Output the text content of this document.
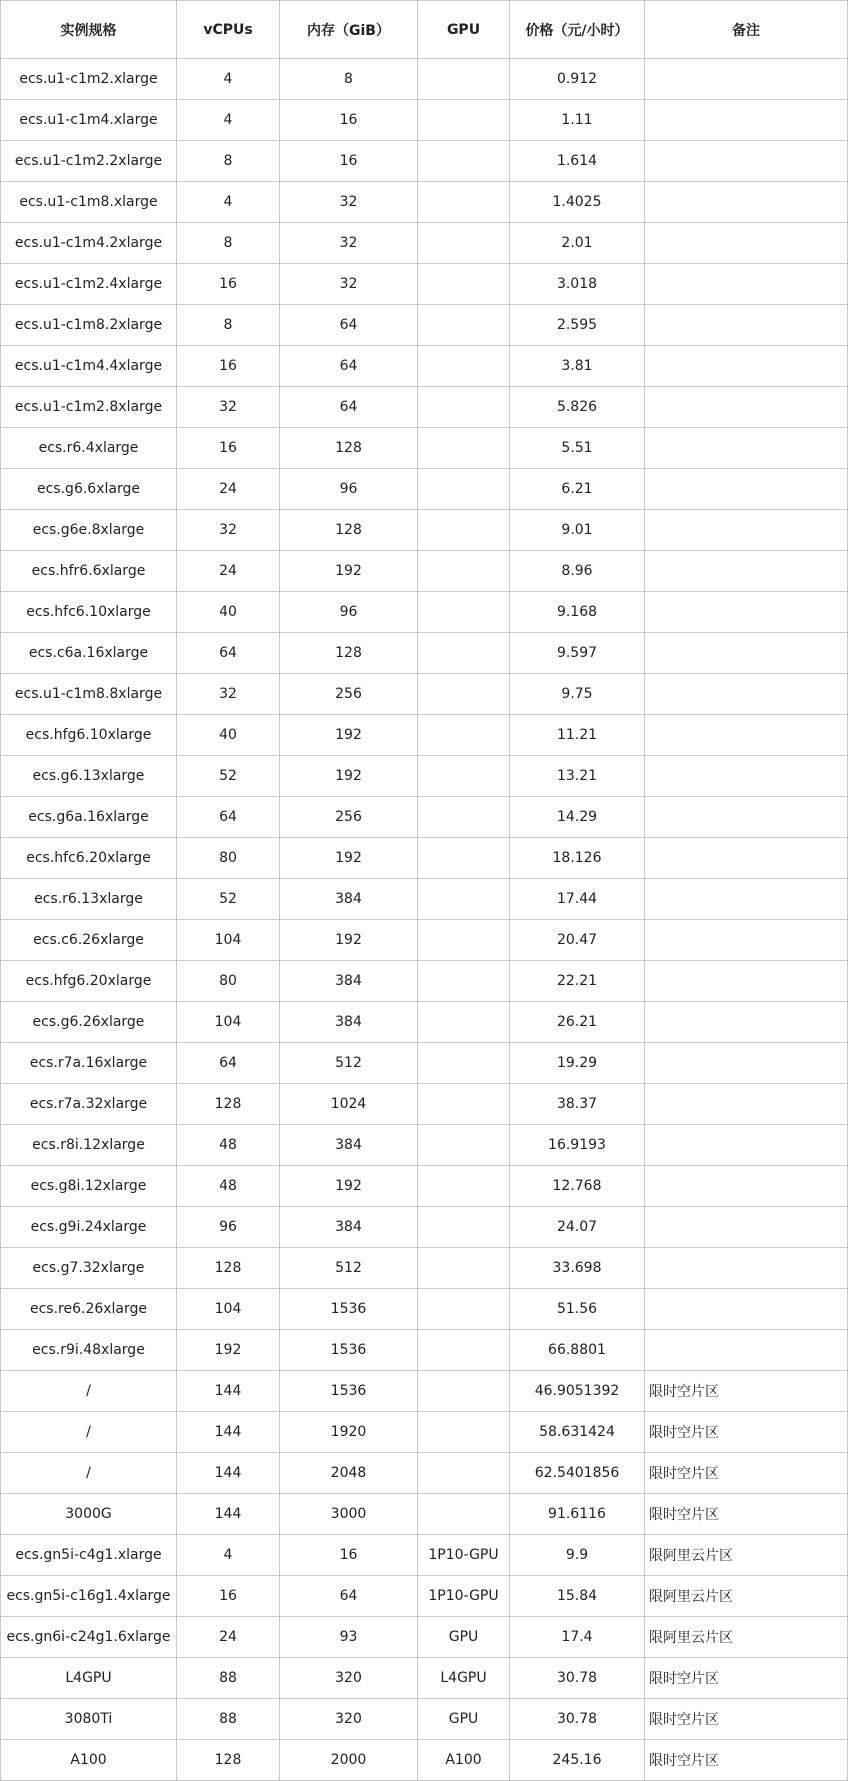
实例规格	vCPUs	内存（GiB）	GPU	价格（元/小时）	备注
ecs.u1-c1m2.xlarge	4	8		0.912	
ecs.u1-c1m4.xlarge	4	16		1.11	
ecs.u1-c1m2.2xlarge	8	16		1.614	
ecs.u1-c1m8.xlarge	4	32		1.4025	
ecs.u1-c1m4.2xlarge	8	32		2.01	
ecs.u1-c1m2.4xlarge	16	32		3.018	
ecs.u1-c1m8.2xlarge	8	64		2.595	
ecs.u1-c1m4.4xlarge	16	64		3.81	
ecs.u1-c1m2.8xlarge	32	64		5.826	
ecs.r6.4xlarge	16	128		5.51	
ecs.g6.6xlarge	24	96		6.21	
ecs.g6e.8xlarge	32	128		9.01	
ecs.hfr6.6xlarge	24	192		8.96	
ecs.hfc6.10xlarge	40	96		9.168	
ecs.c6a.16xlarge	64	128		9.597	
ecs.u1-c1m8.8xlarge	32	256		9.75	
ecs.hfg6.10xlarge	40	192		11.21	
ecs.g6.13xlarge	52	192		13.21	
ecs.g6a.16xlarge	64	256		14.29	
ecs.hfc6.20xlarge	80	192		18.126	
ecs.r6.13xlarge	52	384		17.44	
ecs.c6.26xlarge	104	192		20.47	
ecs.hfg6.20xlarge	80	384		22.21	
ecs.g6.26xlarge	104	384		26.21	
ecs.r7a.16xlarge	64	512		19.29	
ecs.r7a.32xlarge	128	1024		38.37	
ecs.r8i.12xlarge	48	384		16.9193	
ecs.g8i.12xlarge	48	192		12.768	
ecs.g9i.24xlarge	96	384		24.07	
ecs.g7.32xlarge	128	512		33.698	
ecs.re6.26xlarge	104	1536		51.56	
ecs.r9i.48xlarge	192	1536		66.8801	
/	144	1536		46.9051392	限时空片区
/	144	1920		58.631424	限时空片区
/	144	2048		62.5401856	限时空片区
3000G	144	3000		91.6116	限时空片区
ecs.gn5i-c4g1.xlarge	4	16	1P10-GPU	9.9	限阿里云片区
ecs.gn5i-c16g1.4xlarge	16	64	1P10-GPU	15.84	限阿里云片区
ecs.gn6i-c24g1.6xlarge	24	93	GPU	17.4	限阿里云片区
L4GPU	88	320	L4GPU	30.78	限时空片区
3080Ti	88	320	GPU	30.78	限时空片区
A100	128	2000	A100	245.16	限时空片区
